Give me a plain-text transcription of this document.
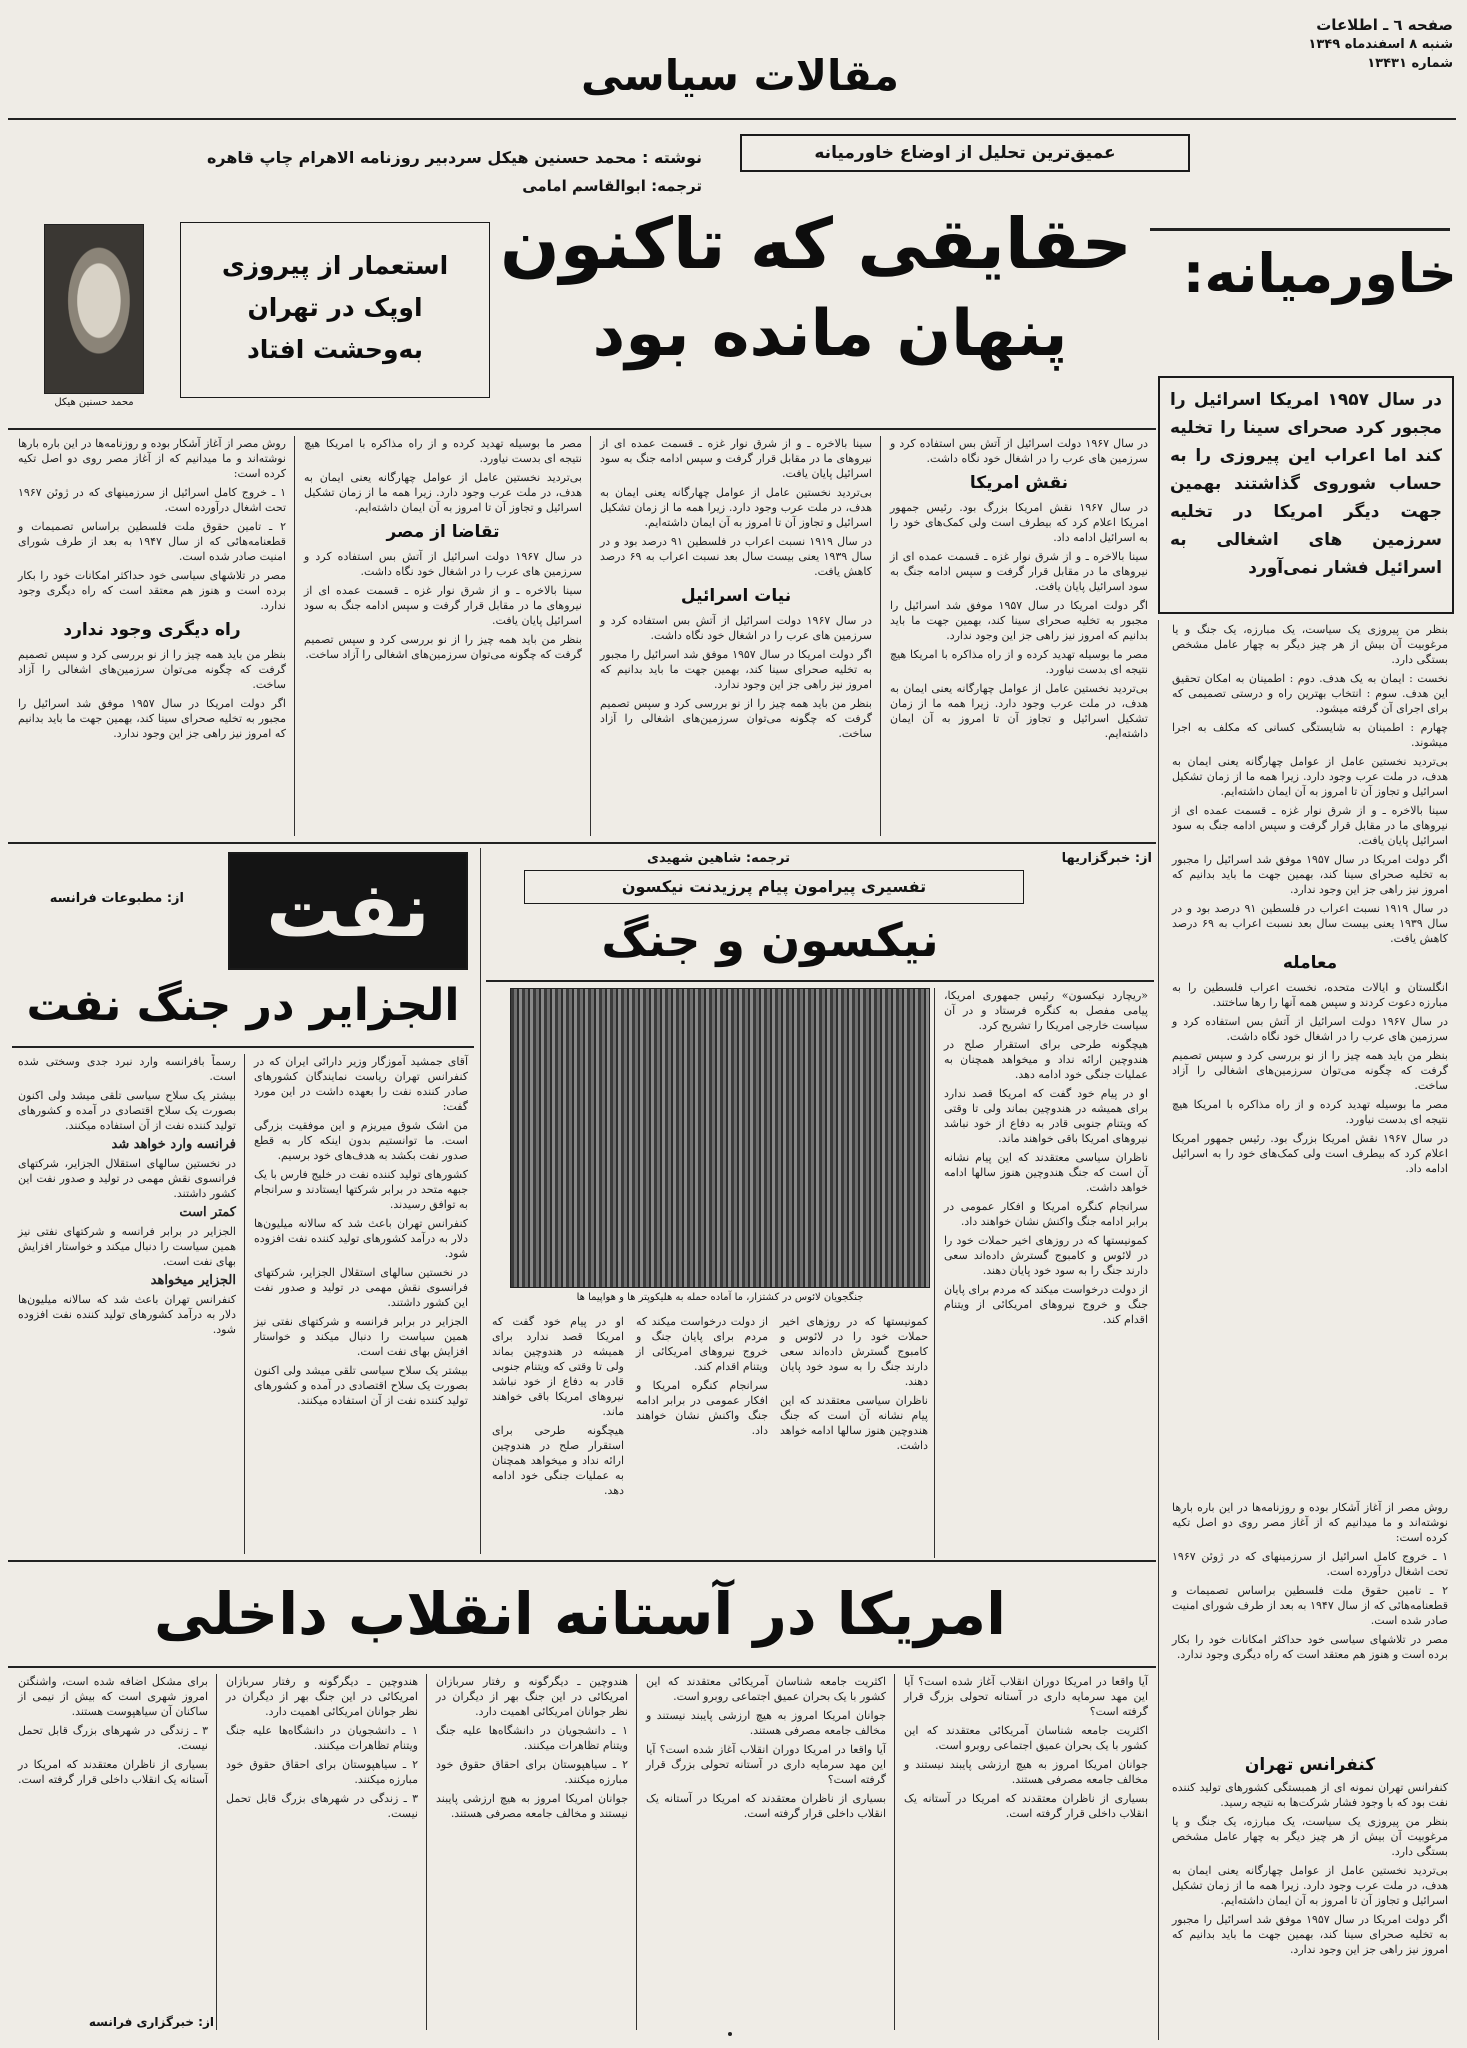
صفحه ٦ ـ اطلاعات
شنبه ۸ اسفندماه ۱۳۴۹
شماره ۱۳۴۳۱
مقالات سیاسی
عمیق‌ترین تحلیل از اوضاع خاورمیانه
نوشته : محمد حسنین هیکل سردبیر روزنامه الاهرام چاپ قاهره
ترجمه: ابوالقاسم امامی
خاورمیانه:
حقایقی که تاکنون
پنهان مانده بود
استعمار از پیروزی
اوپک در تهران
به‌وحشت افتاد
محمد حسنین هیکل	در سال ۱۹۵۷ امریکا اسرائیل را مجبور کرد صحرای سینا را تخلیه کند اما اعراب این پیروزی را به حساب شوروی گذاشتند بهمین جهت دیگر امریکا در تخلیه سرزمین های اشغالی به اسرائیل فشار نمی‌آورد

بنظر من پیروزی یک سیاست، یک مبارزه، یک جنگ و یا مرغوبیت آن بیش از هر چیز دیگر به چهار عامل مشخص بستگی دارد.

نخست : ایمان به یک هدف. دوم : اطمینان به امکان تحقیق این هدف. سوم : انتخاب بهترین راه و درستی تصمیمی که برای اجرای آن گرفته میشود.

چهارم : اطمینان به شایستگی کسانی که مکلف به اجرا میشوند.

بی‌تردید نخستین عامل از عوامل چهارگانه یعنی ایمان به هدف، در ملت عرب وجود دارد. زیرا همه ما از زمان تشکیل اسرائیل و تجاوز آن تا امروز به آن ایمان داشته‌ایم.

سینا بالاخره ـ و از شرق نوار غزه ـ قسمت عمده ای از نیروهای ما در مقابل قرار گرفت و سپس ادامه جنگ به سود اسرائیل پایان یافت.

اگر دولت امریکا در سال ۱۹۵۷ موفق شد اسرائیل را مجبور به تخلیه صحرای سینا کند، بهمین جهت ما باید بدانیم که امروز نیز راهی جز این وجود ندارد.

در سال ۱۹۱۹ نسبت اعراب در فلسطین ۹۱ درصد بود و در سال ۱۹۳۹ یعنی بیست سال بعد نسبت اعراب به ۶۹ درصد کاهش یافت.

معامله

انگلستان و ایالات متحده، نخست اعراب فلسطین را به مبارزه دعوت کردند و سپس همه آنها را رها ساختند.

در سال ۱۹۶۷ دولت اسرائیل از آتش بس استفاده کرد و سرزمین های عرب را در اشغال خود نگاه داشت.

بنظر من باید همه چیز را از نو بررسی کرد و سپس تصمیم گرفت که چگونه می‌توان سرزمین‌های اشغالی را آزاد ساخت.

مصر ما بوسیله تهدید کرده و از راه مذاکره با امریکا هیچ نتیجه ای بدست نیاورد.

در سال ۱۹۶۷ نقش امریکا بزرگ بود. رئیس جمهور امریکا اعلام کرد که بیطرف است ولی کمک‌های خود را به اسرائیل ادامه داد.

روش مصر از آغاز آشکار بوده و روزنامه‌ها در این باره بارها نوشته‌اند و ما میدانیم که از آغاز مصر روی دو اصل تکیه کرده است:

۱ ـ خروج کامل اسرائیل از سرزمینهای که در ژوئن ۱۹۶۷ تحت اشغال درآورده است.

۲ ـ تامین حقوق ملت فلسطین براساس تصمیمات و قطعنامه‌هائی که از سال ۱۹۴۷ به بعد از طرف شورای امنیت صادر شده است.

مصر در تلاشهای سیاسی خود حداکثر امکانات خود را بکار برده است و هنوز هم معتقد است که راه دیگری وجود ندارد.

کنفرانس تهران

کنفرانس تهران نمونه ای از همبستگی کشورهای تولید کننده نفت بود که با وجود فشار شرکت‌ها به نتیجه رسید.

بنظر من پیروزی یک سیاست، یک مبارزه، یک جنگ و یا مرغوبیت آن بیش از هر چیز دیگر به چهار عامل مشخص بستگی دارد.

بی‌تردید نخستین عامل از عوامل چهارگانه یعنی ایمان به هدف، در ملت عرب وجود دارد. زیرا همه ما از زمان تشکیل اسرائیل و تجاوز آن تا امروز به آن ایمان داشته‌ایم.

اگر دولت امریکا در سال ۱۹۵۷ موفق شد اسرائیل را مجبور به تخلیه صحرای سینا کند، بهمین جهت ما باید بدانیم که امروز نیز راهی جز این وجود ندارد.

در سال ۱۹۶۷ دولت اسرائیل از آتش بس استفاده کرد و سرزمین های عرب را در اشغال خود نگاه داشت.

نقش امریکا

در سال ۱۹۶۷ نقش امریکا بزرگ بود. رئیس جمهور امریکا اعلام کرد که بیطرف است ولی کمک‌های خود را به اسرائیل ادامه داد.

سینا بالاخره ـ و از شرق نوار غزه ـ قسمت عمده ای از نیروهای ما در مقابل قرار گرفت و سپس ادامه جنگ به سود اسرائیل پایان یافت.

اگر دولت امریکا در سال ۱۹۵۷ موفق شد اسرائیل را مجبور به تخلیه صحرای سینا کند، بهمین جهت ما باید بدانیم که امروز نیز راهی جز این وجود ندارد.

مصر ما بوسیله تهدید کرده و از راه مذاکره با امریکا هیچ نتیجه ای بدست نیاورد.

بی‌تردید نخستین عامل از عوامل چهارگانه یعنی ایمان به هدف، در ملت عرب وجود دارد. زیرا همه ما از زمان تشکیل اسرائیل و تجاوز آن تا امروز به آن ایمان داشته‌ایم.

سینا بالاخره ـ و از شرق نوار غزه ـ قسمت عمده ای از نیروهای ما در مقابل قرار گرفت و سپس ادامه جنگ به سود اسرائیل پایان یافت.

بی‌تردید نخستین عامل از عوامل چهارگانه یعنی ایمان به هدف، در ملت عرب وجود دارد. زیرا همه ما از زمان تشکیل اسرائیل و تجاوز آن تا امروز به آن ایمان داشته‌ایم.

در سال ۱۹۱۹ نسبت اعراب در فلسطین ۹۱ درصد بود و در سال ۱۹۳۹ یعنی بیست سال بعد نسبت اعراب به ۶۹ درصد کاهش یافت.

نیات اسرائیل

در سال ۱۹۶۷ دولت اسرائیل از آتش بس استفاده کرد و سرزمین های عرب را در اشغال خود نگاه داشت.

اگر دولت امریکا در سال ۱۹۵۷ موفق شد اسرائیل را مجبور به تخلیه صحرای سینا کند، بهمین جهت ما باید بدانیم که امروز نیز راهی جز این وجود ندارد.

بنظر من باید همه چیز را از نو بررسی کرد و سپس تصمیم گرفت که چگونه می‌توان سرزمین‌های اشغالی را آزاد ساخت.

مصر ما بوسیله تهدید کرده و از راه مذاکره با امریکا هیچ نتیجه ای بدست نیاورد.

بی‌تردید نخستین عامل از عوامل چهارگانه یعنی ایمان به هدف، در ملت عرب وجود دارد. زیرا همه ما از زمان تشکیل اسرائیل و تجاوز آن تا امروز به آن ایمان داشته‌ایم.

تقاضا از مصر

در سال ۱۹۶۷ دولت اسرائیل از آتش بس استفاده کرد و سرزمین های عرب را در اشغال خود نگاه داشت.

سینا بالاخره ـ و از شرق نوار غزه ـ قسمت عمده ای از نیروهای ما در مقابل قرار گرفت و سپس ادامه جنگ به سود اسرائیل پایان یافت.

بنظر من باید همه چیز را از نو بررسی کرد و سپس تصمیم گرفت که چگونه می‌توان سرزمین‌های اشغالی را آزاد ساخت.

روش مصر از آغاز آشکار بوده و روزنامه‌ها در این باره بارها نوشته‌اند و ما میدانیم که از آغاز مصر روی دو اصل تکیه کرده است:

۱ ـ خروج کامل اسرائیل از سرزمینهای که در ژوئن ۱۹۶۷ تحت اشغال درآورده است.

۲ ـ تامین حقوق ملت فلسطین براساس تصمیمات و قطعنامه‌هائی که از سال ۱۹۴۷ به بعد از طرف شورای امنیت صادر شده است.

مصر در تلاشهای سیاسی خود حداکثر امکانات خود را بکار برده است و هنوز هم معتقد است که راه دیگری وجود ندارد.

راه دیگری وجود ندارد

بنظر من باید همه چیز را از نو بررسی کرد و سپس تصمیم گرفت که چگونه می‌توان سرزمین‌های اشغالی را آزاد ساخت.

اگر دولت امریکا در سال ۱۹۵۷ موفق شد اسرائیل را مجبور به تخلیه صحرای سینا کند، بهمین جهت ما باید بدانیم که امروز نیز راهی جز این وجود ندارد.

از: مطبوعات فرانسه	نفت
الجزایر در جنگ نفت

آقای جمشید آموزگار وزیر دارائی ایران که در کنفرانس تهران ریاست نمایندگان کشورهای صادر کننده نفت را بعهده داشت در این مورد گفت:

من اشک شوق میریزم و این موفقیت بزرگی است. ما توانستیم بدون اینکه کار به قطع صدور نفت بکشد به هدف‌های خود برسیم.

کشورهای تولید کننده نفت در خلیج فارس با یک جبهه متحد در برابر شرکتها ایستادند و سرانجام به توافق رسیدند.

کنفرانس تهران باعث شد که سالانه میلیون‌ها دلار به درآمد کشورهای تولید کننده نفت افزوده شود.

در نخستین سالهای استقلال الجزایر، شرکتهای فرانسوی نقش مهمی در تولید و صدور نفت این کشور داشتند.

الجزایر در برابر فرانسه و شرکتهای نفتی نیز همین سیاست را دنبال میکند و خواستار افزایش بهای نفت است.

بیشتر یک سلاح سیاسی تلقی میشد ولی اکنون بصورت یک سلاح اقتصادی در آمده و کشورهای تولید کننده نفت از آن استفاده میکنند.

رسماً بافرانسه وارد نبرد جدی وسختی شده است.

بیشتر یک سلاح سیاسی تلقی میشد ولی اکنون بصورت یک سلاح اقتصادی در آمده و کشورهای تولید کننده نفت از آن استفاده میکنند.

فرانسه وارد خواهد شد

در نخستین سالهای استقلال الجزایر، شرکتهای فرانسوی نقش مهمی در تولید و صدور نفت این کشور داشتند.

کمتر است

الجزایر در برابر فرانسه و شرکتهای نفتی نیز همین سیاست را دنبال میکند و خواستار افزایش بهای نفت است.

الجزایر میخواهد

کنفرانس تهران باعث شد که سالانه میلیون‌ها دلار به درآمد کشورهای تولید کننده نفت افزوده شود.

از: خبرگزاریها
ترجمه: شاهین شهیدی
تفسیری پیرامون پیام پرزیدنت نیکسون
نیکسون و جنگ
جنگجویان لائوس در کشتزار، ما آماده حمله به هلیکوپتر ها و هواپیما ها

«ریچارد نیکسون» رئیس جمهوری امریکا، پیامی مفصل به کنگره فرستاد و در آن سیاست خارجی امریکا را تشریح کرد.

هیچگونه طرحی برای استقرار صلح در هندوچین ارائه نداد و میخواهد همچنان به عملیات جنگی خود ادامه دهد.

او در پیام خود گفت که امریکا قصد ندارد برای همیشه در هندوچین بماند ولی تا وقتی که ویتنام جنوبی قادر به دفاع از خود نباشد نیروهای امریکا باقی خواهند ماند.

ناظران سیاسی معتقدند که این پیام نشانه آن است که جنگ هندوچین هنوز سالها ادامه خواهد داشت.

سرانجام کنگره امریکا و افکار عمومی در برابر ادامه جنگ واکنش نشان خواهند داد.

کمونیستها که در روزهای اخیر حملات خود را در لائوس و کامبوج گسترش داده‌اند سعی دارند جنگ را به سود خود پایان دهند.

از دولت درخواست میکند که مردم برای پایان جنگ و خروج نیروهای امریکائی از ویتنام اقدام کند.

کمونیستها که در روزهای اخیر حملات خود را در لائوس و کامبوج گسترش داده‌اند سعی دارند جنگ را به سود خود پایان دهند.

ناظران سیاسی معتقدند که این پیام نشانه آن است که جنگ هندوچین هنوز سالها ادامه خواهد داشت.

از دولت درخواست میکند که مردم برای پایان جنگ و خروج نیروهای امریکائی از ویتنام اقدام کند.

سرانجام کنگره امریکا و افکار عمومی در برابر ادامه جنگ واکنش نشان خواهند داد.

او در پیام خود گفت که امریکا قصد ندارد برای همیشه در هندوچین بماند ولی تا وقتی که ویتنام جنوبی قادر به دفاع از خود نباشد نیروهای امریکا باقی خواهند ماند.

هیچگونه طرحی برای استقرار صلح در هندوچین ارائه نداد و میخواهد همچنان به عملیات جنگی خود ادامه دهد.

امریکا در آستانه انقلاب داخلی

آیا واقعا در امریکا دوران انقلاب آغاز شده است؟ آیا این مهد سرمایه داری در آستانه تحولی بزرگ قرار گرفته است؟

اکثریت جامعه شناسان آمریکائی معتقدند که این کشور با یک بحران عمیق اجتماعی روبرو است.

جوانان امریکا امروز به هیچ ارزشی پایبند نیستند و مخالف جامعه مصرفی هستند.

بسیاری از ناظران معتقدند که امریکا در آستانه یک انقلاب داخلی قرار گرفته است.

اکثریت جامعه شناسان آمریکائی معتقدند که این کشور با یک بحران عمیق اجتماعی روبرو است.

جوانان امریکا امروز به هیچ ارزشی پایبند نیستند و مخالف جامعه مصرفی هستند.

آیا واقعا در امریکا دوران انقلاب آغاز شده است؟ آیا این مهد سرمایه داری در آستانه تحولی بزرگ قرار گرفته است؟

بسیاری از ناظران معتقدند که امریکا در آستانه یک انقلاب داخلی قرار گرفته است.

هندوچین ـ دیگرگونه و رفتار سربازان امریکائی در این جنگ بهر از دیگران در نظر جوانان امریکائی اهمیت دارد.

۱ ـ دانشجویان در دانشگاه‌ها علیه جنگ ویتنام تظاهرات میکنند.

۲ ـ سیاهپوستان برای احقاق حقوق خود مبارزه میکنند.

جوانان امریکا امروز به هیچ ارزشی پایبند نیستند و مخالف جامعه مصرفی هستند.

هندوچین ـ دیگرگونه و رفتار سربازان امریکائی در این جنگ بهر از دیگران در نظر جوانان امریکائی اهمیت دارد.

۱ ـ دانشجویان در دانشگاه‌ها علیه جنگ ویتنام تظاهرات میکنند.

۲ ـ سیاهپوستان برای احقاق حقوق خود مبارزه میکنند.

۳ ـ زندگی در شهرهای بزرگ قابل تحمل نیست.

برای مشکل اضافه شده است، واشنگتن امروز شهری است که بیش از نیمی از ساکنان آن سیاهپوست هستند.

۳ ـ زندگی در شهرهای بزرگ قابل تحمل نیست.

بسیاری از ناظران معتقدند که امریکا در آستانه یک انقلاب داخلی قرار گرفته است.

از: خبرگزاری فرانسه
